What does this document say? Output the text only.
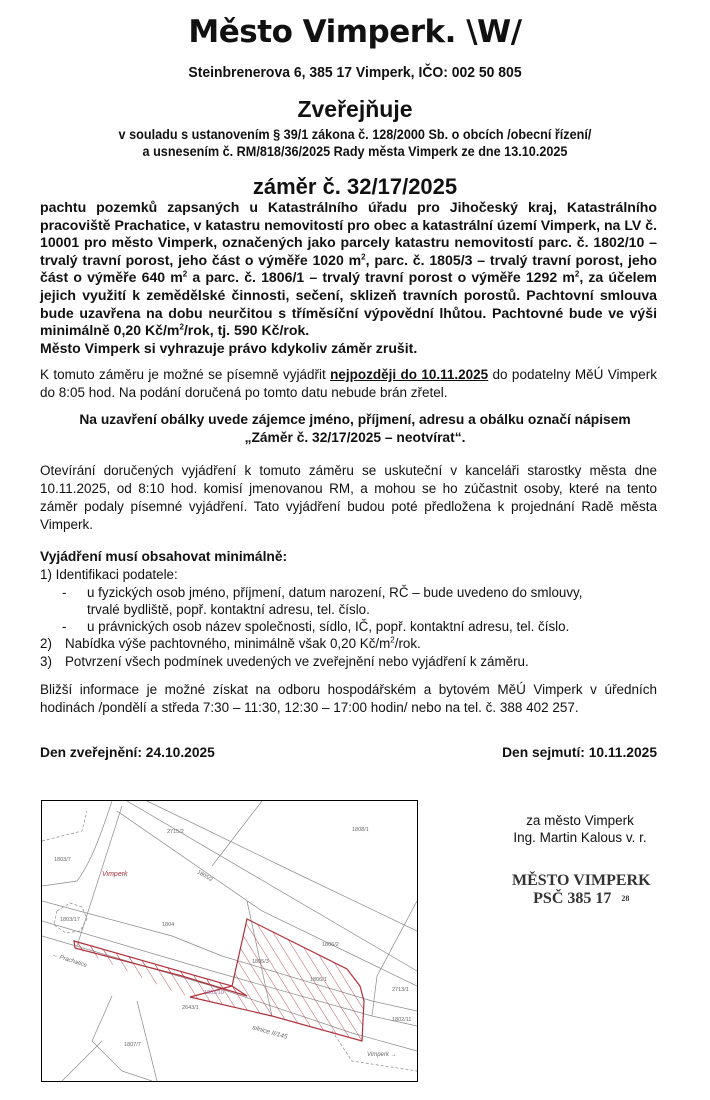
Město Vimperk. \W/
Steinbrenerova 6, 385 17 Vimperk, IČO: 002 50 805
Zveřejňuje
v souladu s ustanovením § 39/1 zákona č. 128/2000 Sb. o obcích /obecní řízení/
a usnesením č. RM/818/36/2025 Rady města Vimperk ze dne 13.10.2025
záměr č. 32/17/2025
pachtu pozemků zapsaných u Katastrálního úřadu pro Jihočeský kraj, Katastrálního pracoviště Prachatice, v katastru nemovitostí pro obec a katastrální území Vimperk, na LV č. 10001 pro město Vimperk, označených jako parcely katastru nemovitostí parc. č. 1802/10 – trvalý travní porost, jeho část o výměře 1020 $m^2$, parc. č. 1805/3 – trvalý travní porost, jeho část o výměře 640 $m^2$ a parc. č. 1806/1 – trvalý travní porost o výměře 1292 $m^2$, za účelem jejich využití k zemědělské činnosti, sečení, sklizeň travních porostů. Pachtovní smlouva bude uzavřena na dobu neurčitou s tříměsíční výpovědní lhůtou. Pachtovné bude ve výši minimálně 0,20 $Kč/m^2$/rok, tj. 590 Kč/rok.
Město Vimperk si vyhrazuje právo kdykoliv záměr zrušit.
K tomuto záměru je možné se písemně vyjádřit nejpozději do 10.11.2025 do podatelny MěÚ Vimperk do 8:05 hod. Na podání doručená po tomto datu nebude brán zřetel.
Na uzavření obálky uvede zájemce jméno, příjmení, adresu a obálku označí nápisem
„Záměr č. 32/17/2025 – neotvírat“.
Otevírání doručených vyjádření k tomuto záměru se uskuteční v kanceláři starostky města dne 10.11.2025, od 8:10 hod. komisí jmenovanou RM, a mohou se ho zúčastnit osoby, které na tento záměr podaly písemné vyjádření. Tato vyjádření budou poté předložena k projednání Radě města Vimperk.
Vyjádření musí obsahovat minimálně:
1) Identifikaci podatele:
- u fyzických osob jméno, příjmení, datum narození, RČ – bude uvedeno do smlouvy,
trvalé bydliště, popř. kontaktní adresu, tel. číslo.
- u právnických osob název společnosti, sídlo, IČ, popř. kontaktní adresu, tel. číslo.
2) Nabídka výše pachtovného, minimálně však 0,20 $Kč/m^2$/rok.
3) Potvrzení všech podmínek uvedených ve zveřejnění nebo vyjádření k záměru.
Bližší informace je možné získat na odboru hospodářském a bytovém MěÚ Vimperk v úředních hodinách /pondělí a středa 7:30 – 11:30, 12:30 – 17:00 hodin/ nebo na tel. č. 388 402 257.
Den zveřejnění: 24.10.2025	Den sejmutí: 10.11.2025
Vimperk
1804
1805/3
1806/1
1802/10
2643/1
silnice II/145
← Prachatice
Vimperk →
1807/7
1803/17
1803/7
1805/2
1806/2
2715/2	1808/1
1802/11
2713/1
za město Vimperk
Ing. Martin Kalous v. r.
MĚSTO VIMPERK
PSČ 385 17 28
